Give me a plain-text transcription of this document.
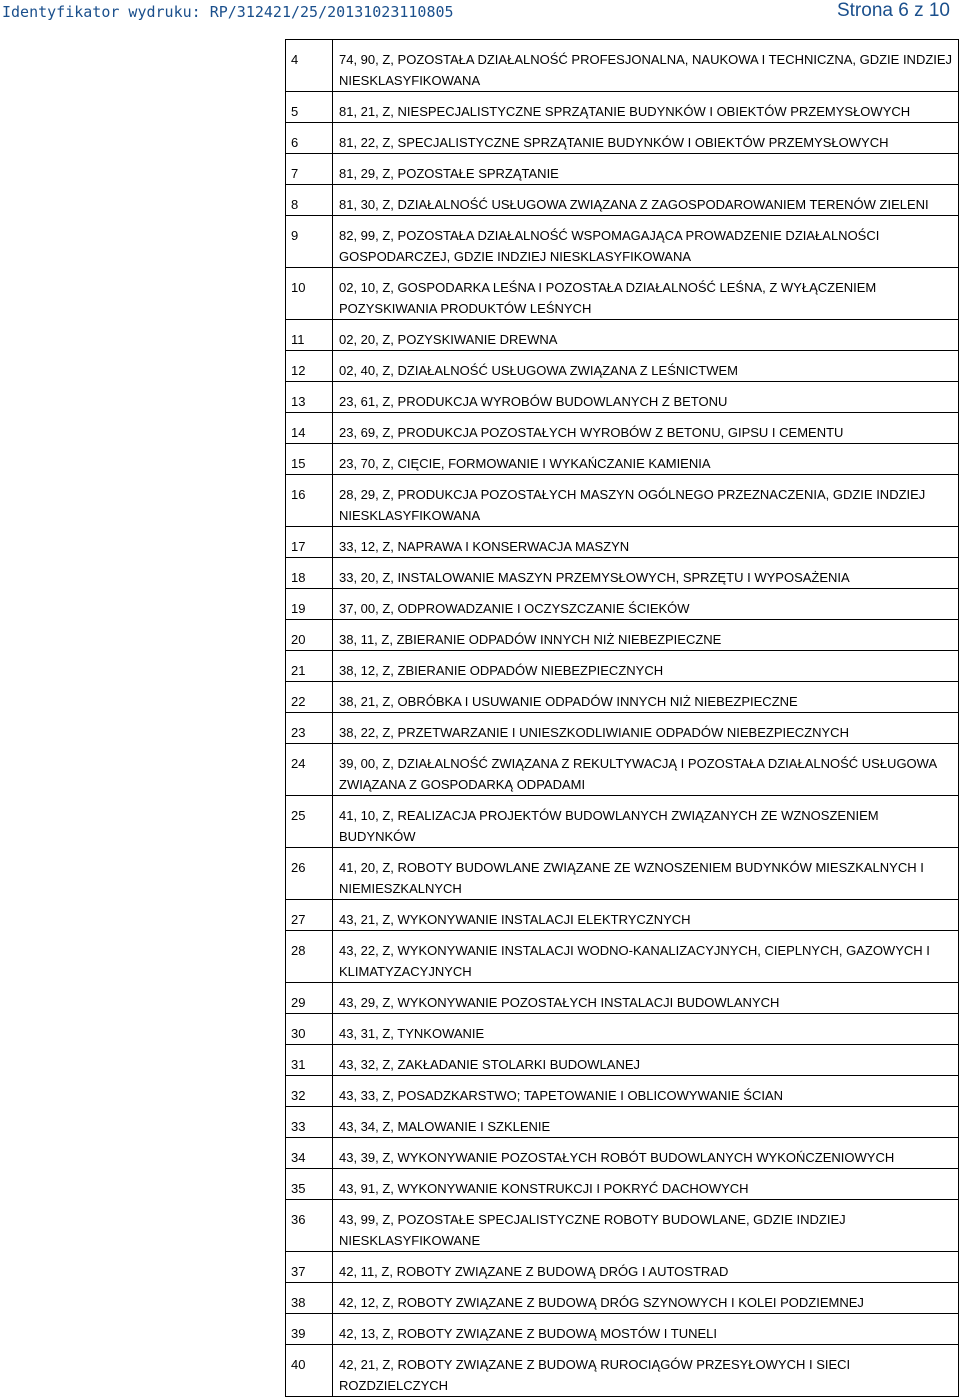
Identyfikator wydruku: RP/312421/25/20131023110805	Strona 6 z 10
4	74, 90, Z, POZOSTAŁA DZIAŁALNOŚĆ PROFESJONALNA, NAUKOWA I TECHNICZNA, GDZIE INDZIEJ NIESKLASYFIKOWANA
5	81, 21, Z, NIESPECJALISTYCZNE SPRZĄTANIE BUDYNKÓW I OBIEKTÓW PRZEMYSŁOWYCH
6	81, 22, Z, SPECJALISTYCZNE SPRZĄTANIE BUDYNKÓW I OBIEKTÓW PRZEMYSŁOWYCH
7	81, 29, Z, POZOSTAŁE SPRZĄTANIE
8	81, 30, Z, DZIAŁALNOŚĆ USŁUGOWA ZWIĄZANA Z ZAGOSPODAROWANIEM TERENÓW ZIELENI
9	82, 99, Z, POZOSTAŁA DZIAŁALNOŚĆ WSPOMAGAJĄCA PROWADZENIE DZIAŁALNOŚCI GOSPODARCZEJ, GDZIE INDZIEJ NIESKLASYFIKOWANA
10	02, 10, Z, GOSPODARKA LEŚNA I POZOSTAŁA DZIAŁALNOŚĆ LEŚNA, Z WYŁĄCZENIEM POZYSKIWANIA PRODUKTÓW LEŚNYCH
11	02, 20, Z, POZYSKIWANIE DREWNA
12	02, 40, Z, DZIAŁALNOŚĆ USŁUGOWA ZWIĄZANA Z LEŚNICTWEM
13	23, 61, Z, PRODUKCJA WYROBÓW BUDOWLANYCH Z BETONU
14	23, 69, Z, PRODUKCJA POZOSTAŁYCH WYROBÓW Z BETONU, GIPSU I CEMENTU
15	23, 70, Z, CIĘCIE, FORMOWANIE I WYKAŃCZANIE KAMIENIA
16	28, 29, Z, PRODUKCJA POZOSTAŁYCH MASZYN OGÓLNEGO PRZEZNACZENIA, GDZIE INDZIEJ NIESKLASYFIKOWANA
17	33, 12, Z, NAPRAWA I KONSERWACJA MASZYN
18	33, 20, Z, INSTALOWANIE MASZYN PRZEMYSŁOWYCH, SPRZĘTU I WYPOSAŻENIA
19	37, 00, Z, ODPROWADZANIE I OCZYSZCZANIE ŚCIEKÓW
20	38, 11, Z, ZBIERANIE ODPADÓW INNYCH NIŻ NIEBEZPIECZNE
21	38, 12, Z, ZBIERANIE ODPADÓW NIEBEZPIECZNYCH
22	38, 21, Z, OBRÓBKA I USUWANIE ODPADÓW INNYCH NIŻ NIEBEZPIECZNE
23	38, 22, Z, PRZETWARZANIE I UNIESZKODLIWIANIE ODPADÓW NIEBEZPIECZNYCH
24	39, 00, Z, DZIAŁALNOŚĆ ZWIĄZANA Z REKULTYWACJĄ I POZOSTAŁA DZIAŁALNOŚĆ USŁUGOWA ZWIĄZANA Z GOSPODARKĄ ODPADAMI
25	41, 10, Z, REALIZACJA PROJEKTÓW BUDOWLANYCH ZWIĄZANYCH ZE WZNOSZENIEM BUDYNKÓW
26	41, 20, Z, ROBOTY BUDOWLANE ZWIĄZANE ZE WZNOSZENIEM BUDYNKÓW MIESZKALNYCH I NIEMIESZKALNYCH
27	43, 21, Z, WYKONYWANIE INSTALACJI ELEKTRYCZNYCH
28	43, 22, Z, WYKONYWANIE INSTALACJI WODNO-KANALIZACYJNYCH, CIEPLNYCH, GAZOWYCH I KLIMATYZACYJNYCH
29	43, 29, Z, WYKONYWANIE POZOSTAŁYCH INSTALACJI BUDOWLANYCH
30	43, 31, Z, TYNKOWANIE
31	43, 32, Z, ZAKŁADANIE STOLARKI BUDOWLANEJ
32	43, 33, Z, POSADZKARSTWO; TAPETOWANIE I OBLICOWYWANIE ŚCIAN
33	43, 34, Z, MALOWANIE I SZKLENIE
34	43, 39, Z, WYKONYWANIE POZOSTAŁYCH ROBÓT BUDOWLANYCH WYKOŃCZENIOWYCH
35	43, 91, Z, WYKONYWANIE KONSTRUKCJI I POKRYĆ DACHOWYCH
36	43, 99, Z, POZOSTAŁE SPECJALISTYCZNE ROBOTY BUDOWLANE, GDZIE INDZIEJ NIESKLASYFIKOWANE
37	42, 11, Z, ROBOTY ZWIĄZANE Z BUDOWĄ DRÓG I AUTOSTRAD
38	42, 12, Z, ROBOTY ZWIĄZANE Z BUDOWĄ DRÓG SZYNOWYCH I KOLEI PODZIEMNEJ
39	42, 13, Z, ROBOTY ZWIĄZANE Z BUDOWĄ MOSTÓW I TUNELI
40	42, 21, Z, ROBOTY ZWIĄZANE Z BUDOWĄ RUROCIĄGÓW PRZESYŁOWYCH I SIECI ROZDZIELCZYCH
